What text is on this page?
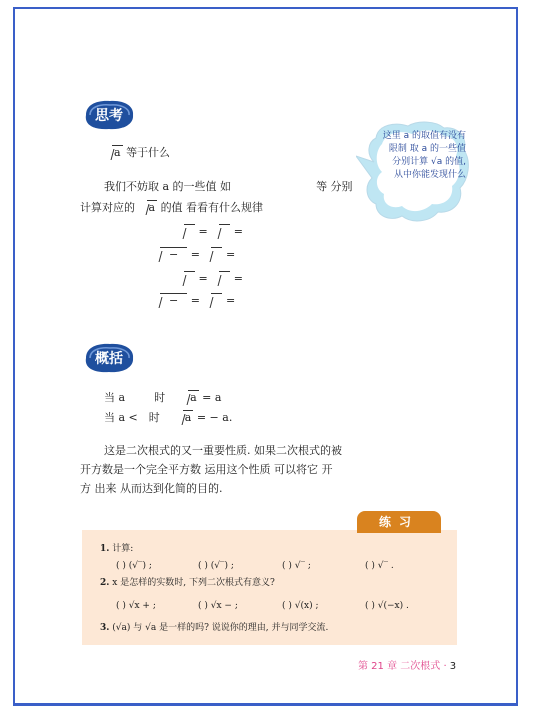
思考
a 等于什么
我们不妨取 a 的一些值 如	等 分别
计算对应的 a 的值 看看有什么规律
= =
− = =
= =
− = =
这里 a 的取值有没有限制 取 a 的一些值 分别计算 √a 的值, 从中你能发现什么
概括
当 a	时 a = a
当 a < 时 a = − a.
这是二次根式的又一重要性质. 如果二次根式的被
开方数是一个完全平方数 运用这个性质 可以将它 开
方 出来 从而达到化简的目的.
练习
1. 计算:
( ) (√‾) ;	( ) (√‾) ;	( ) √‾ ;	( ) √‾ .
2. x 是怎样的实数时, 下列二次根式有意义?
( ) √x + ;	( ) √x − ;	( ) √(x) ;	( ) √(−x) .
3. (√a) 与 √a 是一样的吗? 说说你的理由, 并与同学交流.
第 21 章 二次根式 · 3
